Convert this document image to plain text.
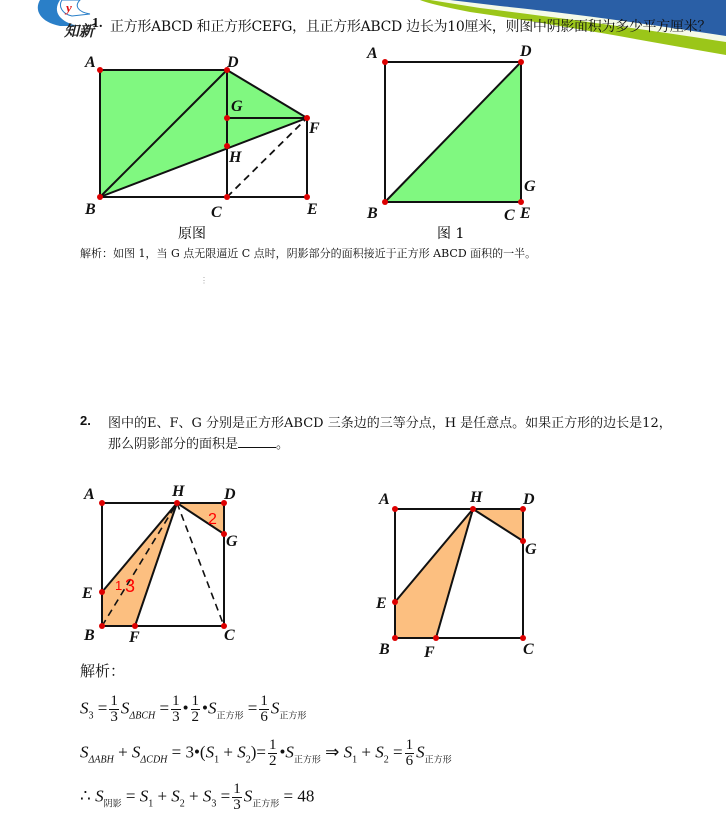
y
知新
1. 正方形ABCD 和正方形CEFG，且正方形ABCD 边长为10厘米，则图中阴影面积为多少平方厘米？
A	D
G
F
H
B	C	E
原图
A	D
G
B	C E
图 1
解析：如图 1，当 G 点无限逼近 C 点时，阴影部分的面积接近于正方形 ABCD 面积的一半。
⋮
2. 图中的E、F、G 分别是正方形ABCD 三条边的三等分点，H 是任意点。如果正方形的边长是12，
那么阴影部分的面积是	。
2
1 3
A	H D
G
E
B F	C
A	H	D
G
E
B F	C
解析：
$S_3 = \frac{1}{3} S_{\Delta BCH} = \frac{1}{3}$ • $\frac{1}{2}$ $•S_{正方形} = \frac{1}{6} S_{正方形}$
$S_{\Delta ABH} + S_{\Delta CDH}$ = $3•(S_1 + S_2)= \frac{1}{2}$ $•S_{正方形}$ ⇒ $S_1 + S_2 = \frac{1}{6} S_{正方形}$
∴ $S_{阴影} = S_1 + S_2 + S_3 = \frac{1}{3} S_{正方形} = 48$
